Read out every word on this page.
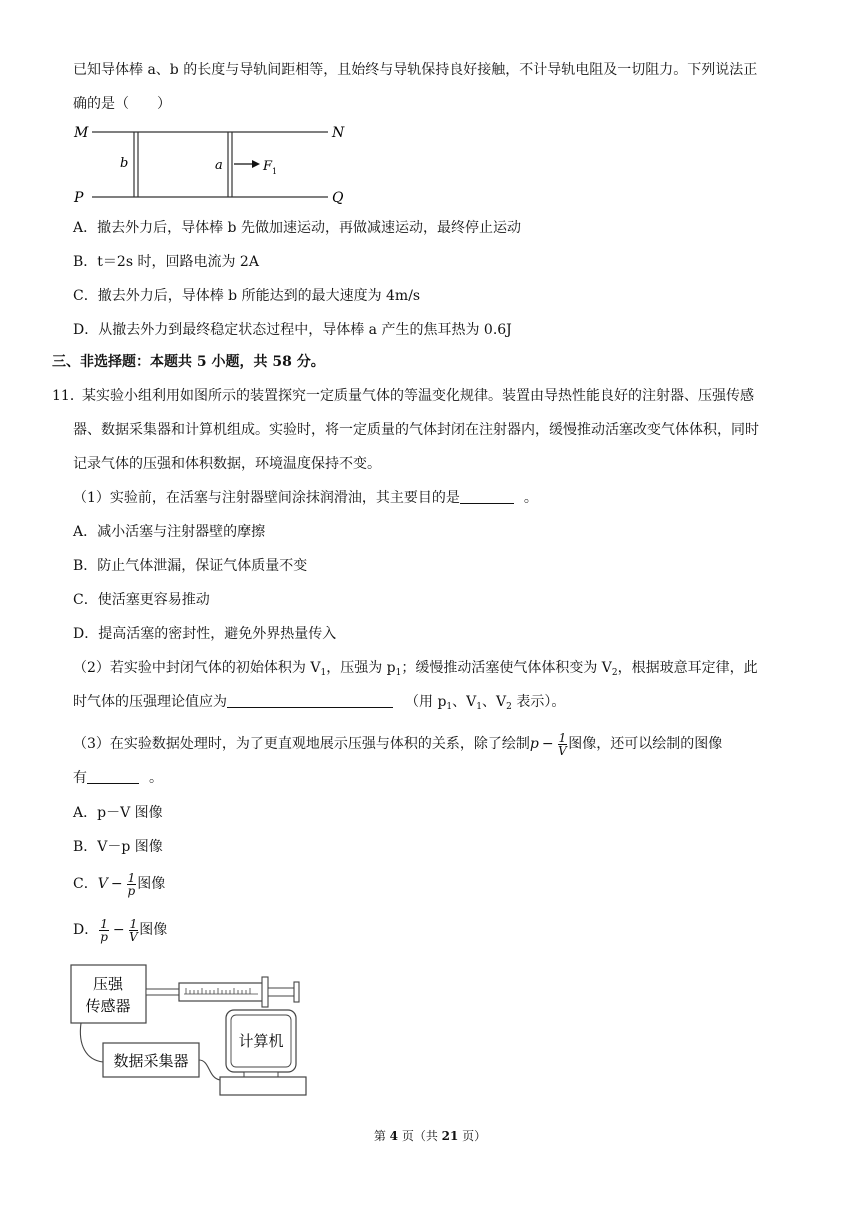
已知导体棒 a、b 的长度与导轨间距相等，且始终与导轨保持良好接触，不计导轨电阻及一切阻力。下列说法正
确的是（　　）
M	N
P	Q
b	a	F 1
A．撤去外力后，导体棒 b 先做加速运动，再做减速运动，最终停止运动
B．t＝2s 时，回路电流为 2A
C．撤去外力后，导体棒 b 所能达到的最大速度为 4m/s
D．从撤去外力到最终稳定状态过程中，导体棒 a 产生的焦耳热为 0.6J
三、非选择题：本题共 5 小题，共 58 分。
11．
某实验小组利用如图所示的装置探究一定质量气体的等温变化规律。装置由导热性能良好的注射器、压强传感
器、数据采集器和计算机组成。实验时，将一定质量的气体封闭在注射器内，缓慢推动活塞改变气体体积，同时
记录气体的压强和体积数据，环境温度保持不变。
（1）实验前，在活塞与注射器壁间涂抹润滑油，其主要目的是	。
A．减小活塞与注射器壁的摩擦
B．防止气体泄漏，保证气体质量不变
C．使活塞更容易推动
D．提高活塞的密封性，避免外界热量传入
（2）若实验中封闭气体的初始体积为 $V_1$，压强为 $p_1$；缓慢推动活塞使气体体积变为 $V_2$，根据玻意耳定律，此
时气体的压强理论值应为	（用 $p_1$、$V_1$、$V_2$ 表示）。
（3）在实验数据处理时，为了更直观地展示压强与体积的关系，除了绘制$p - \frac{1}{V}$ 图像，还可以绘制的图像
有	。
A．p－V 图像
B．V－p 图像
C．$V - \frac{1}{p}$ 图像
D． $\frac{1}{p} - \frac{1}{V}$ 图像
压强
传感器
数据采集器
计算机
第 4 页（共 21 页）
